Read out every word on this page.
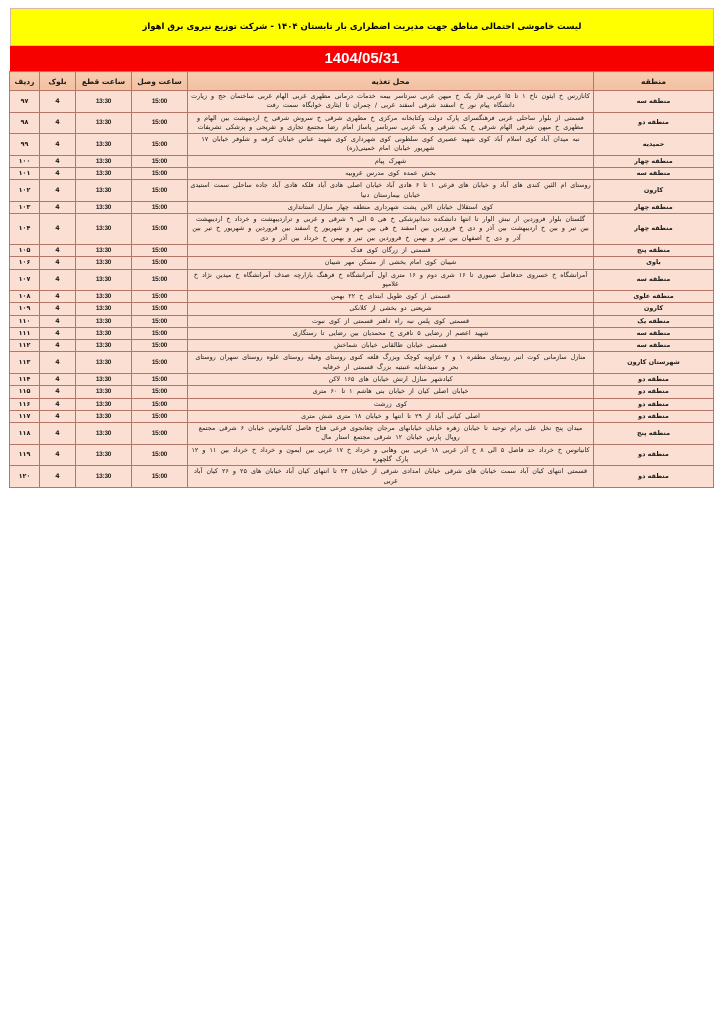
لیست خاموشی احتمالی مناطق جهت مدیریت اضطراری بار تابستان ۱۴۰۴ - شرکت توزیع نیروی برق اهواز
1404/05/31
منطقه	محل تغذیه	ساعت وصل	ساعت قطع	بلوک	ردیف
منطقه سه	کانازرس خ ایثون ناخ ۱ تا ۵ا غربی فاز یک خ میهن غربی سرتاسر بیمه خدمات درمانی مطهری غربی الهام غربی ساختمان حج و زیارت دانشگاه پیام نور خ اسفند شرقی اسفند غربی / چمران تا ایثاری خوابگاه سمت رفت	15:00	13:30	4	۹۷
منطقه دو	قسمتی از بلوار ساحلی غربی فرهنگسرای پارک دولت وکتابخانه مرکزی خ مطهری شرقی خ سروش شرقی خ ارديبهشت بین الهام و مطهری خ میهن شرقی الهام شرقی خ یک شرقی و یک غربی سرتاسر پاساژ امام رضا مجتمع تجاری و تفریحی و پزشکی تشریفات	15:00	13:30	4	۹۸
حمیدیه	نبه میدان آباد کوی اسلام آباد کوی شهید عصیری کوی سلطونی کوی شهرداری کوی شهید عباس خیابان کرفه و شلوفر خیابان ۱۷ شهریور خیابان امام خمینی(ره)	15:00	13:30	4	۹۹
منطقه چهار	شهرک پیام	15:00	13:30	4	۱۰۰
منطقه سه	بخش عمده کوی مدرس غروبیه	15:00	13:30	4	۱۰۱
کارون	روستای ام الئین کندی های آباد و خیابان های فرعی ۱ تا ۶ هادی آباد خیابان اصلی هادی آباد فلکه هادی آباد جاده ساحلی سمت استیدی خیابان بیمارستان دنیا	15:00	13:30	4	۱۰۲
منطقه چهار	کوی استقلال خیابان الاین پشت شهرداری منطقه چهار منازل استانداری	15:00	13:30	4	۱۰۳
منطقه چهار	گلستان بلوار فروردین از نبش الوار تا انتها دانشکده دندانپزشکی خ هی ۵ الی ۹ شرقی و غربی و تراردیبهشت و خرداد خ اردیبهشت بین تیر و بین خ اردیبهشت بین آذر و دی خ فروردین بین اسفند خ هی بین مهر و شهریور خ اسفند بین فروردین و شهریور خ تیر بین آذر و دی خ اصفهان بین تیر و بهمن خ فروردین بین تیر و بهمن خ خرداد بین آذر و دی	15:00	13:30	4	۱۰۴
منطقه پنج	قسمتی از زرگان کوی فدک	15:00	13:30	4	۱۰۵
باوی	شیبان کوی امام بخشی از مسکن مهر شیبان	15:00	13:30	4	۱۰۶
منطقه سه	آمرانشگاه خ خسروی حدفاصل صیوری تا ۱۶ شری دوم و ۱۶ متری اول آمرانشگاه خ فرهنگ بازارچه صدف آمرانشگاه خ میدین نژاد خ غلامپو	15:00	13:30	4	۱۰۷
منطقه علوی	قسمتی از کوی طویل ابتدای خ ۲۲ بهمن	15:00	13:30	4	۱۰۸
کارون	شریعتی دو بخشی از کلانکی	15:00	13:30	4	۱۰۹
منطقه یک	قسمتی کوی پلس نبه راه داهنر قسمتی از کوی نبوت	15:00	13:30	4	۱۱۰
منطقه سه	شهید اعصم از رضایی ۵ نافری خ محمدیان بین رضایی تا رستگاری	15:00	13:30	4	۱۱۱
منطقه سه	قسمتی خیابان طالقانی خیابان شماخش	15:00	13:30	4	۱۱۲
شهرستان کارون	منازل سازمانی کوت انبر روستای مطفره ۱ و ۲ غزاویه کوچک وبزرگ قلعه کنوی روستای وفیله روستای علوه روستای سهران روستای بحر و سیدعنایه عنبتیه بزرگ قسمتی از خرفایه	15:00	13:30	4	۱۱۳
منطقه دو	کیادشهر منازل ارتش خیابان های ۱۶۵ لاکن	15:00	13:30	4	۱۱۴
منطقه دو	خیابان اصلی کیان از خیابان بنی هاشم ۱ تا ۶۰ متری	15:00	13:30	4	۱۱۵
منطقه دو	کوی زرشت	15:00	13:30	4	۱۱۶
منطقه دو	اصلی کیانی آباد از ۲۹ تا انتها و خیابان ۱۸ متری شش متری	15:00	13:30	4	۱۱۷
منطقه پنج	میدان پنج نخل علی برام توحید تا خیابان زهره خیابان خیابانهای مرجان چغانجوی فرعی فتاح فاصل کانیاتوس خیابان ۶ شرقی مجتمع روپال پارس خیابان ۱۲ شرقی مجتمع استار مال	15:00	13:30	4	۱۱۸
منطقه دو	کانیاتوس خ خرداد حد فاصل ۵ الی ۸ خ آذر غربی ۱۸ غربی بین وهابی و خرداد خ ۱۷ غربی بین ایمون و خرداد خ خرداد بین ۱۱ و ۱۲ پارک گلچهره	15:00	13:30	4	۱۱۹
منطقه دو	قسمتی انتهای کیان آباد سمت خیابان های شرقی خیابان امدادی شرقی از خیابان ۲۴ تا انتهای کیان آباد خیابان های ۲۵ و ۲۶ کیان آباد غربی	15:00	13:30	4	۱۲۰
